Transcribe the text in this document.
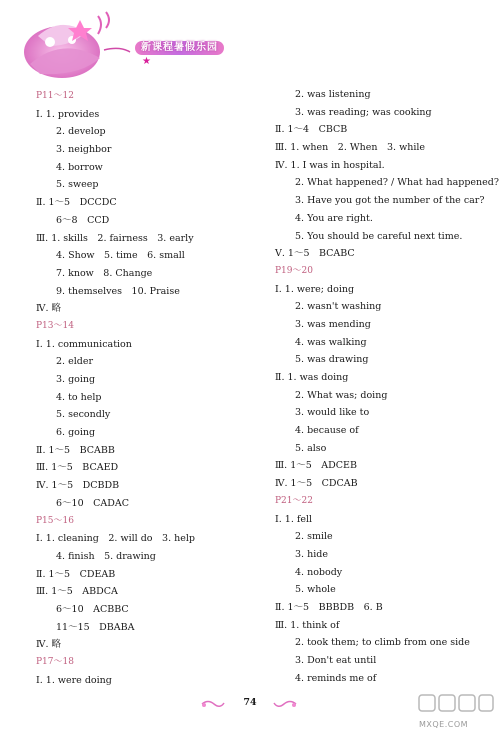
新课程暑假乐园
★
P11～12
Ⅰ. 1. provides
2. develop
3. neighbor
4. borrow
5. sweep
Ⅱ. 1～5　DCCDC
6～8　CCD
Ⅲ. 1. skills　2. fairness　3. early
4. Show　5. time　6. small
7. know　8. Change
9. themselves　10. Praise
Ⅳ. 略
P13～14
Ⅰ. 1. communication
2. elder
3. going
4. to help
5. secondly
6. going
Ⅱ. 1～5　BCABB
Ⅲ. 1～5　BCAED
Ⅳ. 1～5　DCBDB
6～10　CADAC
P15～16
Ⅰ. 1. cleaning　2. will do　3. help
4. finish　5. drawing
Ⅱ. 1～5　CDEAB
Ⅲ. 1～5　ABDCA
6～10　ACBBC
11～15　DBABA
Ⅳ. 略
P17～18
Ⅰ. 1. were doing
2. was listening
3. was reading; was cooking
Ⅱ. 1～4　CBCB
Ⅲ. 1. when　2. When　3. while
Ⅳ. 1. I was in hospital.
2. What happened? / What had happened?
3. Have you got the number of the car?
4. You are right.
5. You should be careful next time.
Ⅴ. 1～5　BCABC
P19～20
Ⅰ. 1. were; doing
2. wasn't washing
3. was mending
4. was walking
5. was drawing
Ⅱ. 1. was doing
2. What was; doing
3. would like to
4. because of
5. also
Ⅲ. 1～5　ADCEB
Ⅳ. 1～5　CDCAB
P21～22
Ⅰ. 1. fell
2. smile
3. hide
4. nobody
5. whole
Ⅱ. 1～5　BBBDB　6. B
Ⅲ. 1. think of
2. took them; to climb from one side
3. Don't eat until
4. reminds me of
74
MXQE.COM
